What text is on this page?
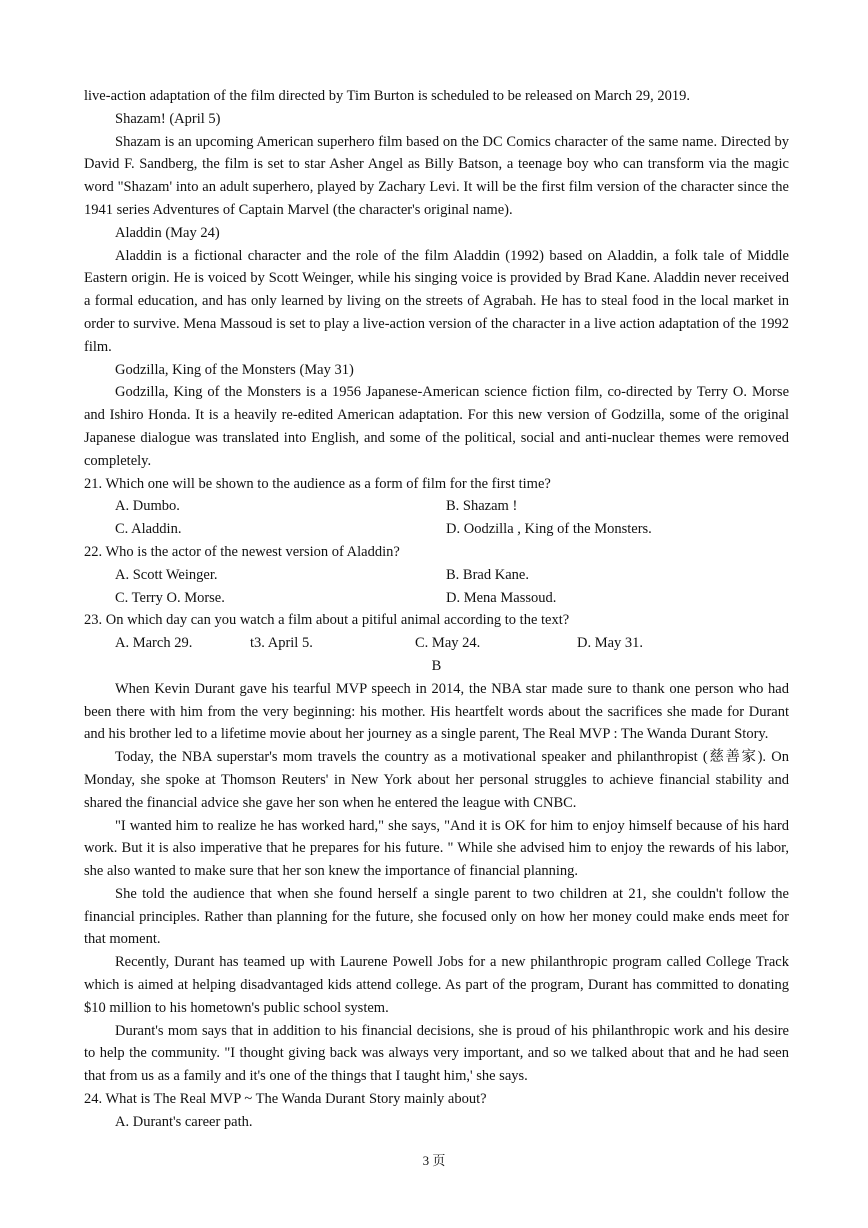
live-action adaptation of the film directed by Tim Burton is scheduled to be released on March 29, 2019.

Shazam! (April 5)

Shazam is an upcoming American superhero film based on the DC Comics character of the same name. Directed by David F. Sandberg, the film is set to star Asher Angel as Billy Batson, a teenage boy who can transform via the magic word "Shazam' into an adult superhero, played by Zachary Levi. It will be the first film version of the character since the 1941 series Adventures of Captain Marvel (the character's original name).

Aladdin (May 24)

Aladdin is a fictional character and the role of the film Aladdin (1992) based on Aladdin, a folk tale of Middle Eastern origin. He is voiced by Scott Weinger, while his singing voice is provided by Brad Kane. Aladdin never received a formal education, and has only learned by living on the streets of Agrabah. He has to steal food in the local market in order to survive. Mena Massoud is set to play a live-action version of the character in a live action adaptation of the 1992 film.

Godzilla, King of the Monsters (May 31)

Godzilla, King of the Monsters is a 1956 Japanese-American science fiction film, co-directed by Terry O. Morse and Ishiro Honda. It is a heavily re-edited American adaptation. For this new version of Godzilla, some of the original Japanese dialogue was translated into English, and some of the political, social and anti-nuclear themes were removed completely.

21. Which one will be shown to the audience as a form of film for the first time?

A. Dumbo.	B. Shazam !
C. Aladdin.	D. Oodzilla , King of the Monsters.

22. Who is the actor of the newest version of Aladdin?

A. Scott Weinger.	B. Brad Kane.
C. Terry O. Morse.	D. Mena Massoud.

23. On which day can you watch a film about a pitiful animal according to the text?

A. March 29.	t3. April 5.	C. May 24.	D. May 31.

B

When Kevin Durant gave his tearful MVP speech in 2014, the NBA star made sure to thank one person who had been there with him from the very beginning: his mother. His heartfelt words about the sacrifices she made for Durant and his brother led to a lifetime movie about her journey as a single parent, The Real MVP : The Wanda Durant Story.

Today, the NBA superstar's mom travels the country as a motivational speaker and philanthropist (慈善家). On Monday, she spoke at Thomson Reuters' in New York about her personal struggles to achieve financial stability and shared the financial advice she gave her son when he entered the league with CNBC.

"I wanted him to realize he has worked hard," she says, "And it is OK for him to enjoy himself because of his hard work. But it is also imperative that he prepares for his future. " While she advised him to enjoy the rewards of his labor, she also wanted to make sure that her son knew the importance of financial planning.

She told the audience that when she found herself a single parent to two children at 21, she couldn't follow the financial principles. Rather than planning for the future, she focused only on how her money could make ends meet for that moment.

Recently, Durant has teamed up with Laurene Powell Jobs for a new philanthropic program called College Track which is aimed at helping disadvantaged kids attend college. As part of the program, Durant has committed to donating $10 million to his hometown's public school system.

Durant's mom says that in addition to his financial decisions, she is proud of his philanthropic work and his desire to help the community. "I thought giving back was always very important, and so we talked about that and he had seen that from us as a family and it's one of the things that I taught him,' she says.

24. What is The Real MVP ~ The Wanda Durant Story mainly about?

A. Durant's career path.
3 页
